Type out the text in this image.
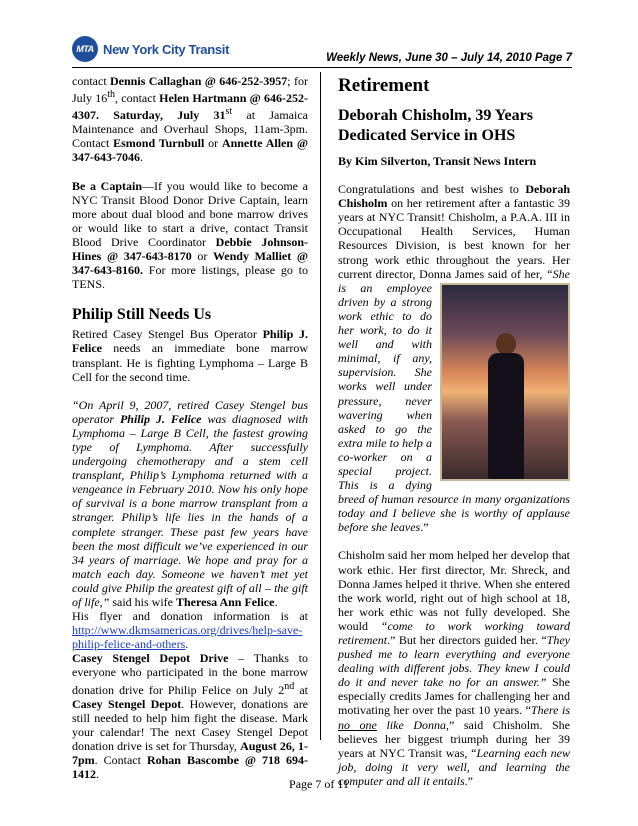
MTA New York City Transit
Weekly News, June 30 – July 14, 2010 Page 7

contact Dennis Callaghan @ 646-252-3957; for July 16th, contact Helen Hartmann @ 646-252-4307. Saturday, July 31st at Jamaica Maintenance and Overhaul Shops, 11am-3pm. Contact Esmond Turnbull or Annette Allen @ 347-643-7046.

Be a Captain—If you would like to become a NYC Transit Blood Donor Drive Captain, learn more about dual blood and bone marrow drives or would like to start a drive, contact Transit Blood Drive Coordinator Debbie Johnson-Hines @ 347-643-8170 or Wendy Malliet @ 347-643-8160. For more listings, please go to TENS.

Philip Still Needs Us

Retired Casey Stengel Bus Operator Philip J. Felice needs an immediate bone marrow transplant. He is fighting Lymphoma – Large B Cell for the second time.

“On April 9, 2007, retired Casey Stengel bus operator Philip J. Felice was diagnosed with Lymphoma – Large B Cell, the fastest growing type of Lymphoma. After successfully undergoing chemotherapy and a stem cell transplant, Philip’s Lymphoma returned with a vengeance in February 2010. Now his only hope of survival is a bone marrow transplant from a stranger. Philip’s life lies in the hands of a complete stranger. These past few years have been the most difficult we’ve experienced in our 34 years of marriage. We hope and pray for a match each day. Someone we haven’t met yet could give Philip the greatest gift of all – the gift of life,” said his wife Theresa Ann Felice.

His flyer and donation information is at http://www.dkmsamericas.org/drives/help-save-philip-felice-and-others.

Casey Stengel Depot Drive – Thanks to everyone who participated in the bone marrow donation drive for Philip Felice on July 2nd at Casey Stengel Depot. However, donations are still needed to help him fight the disease. Mark your calendar! The next Casey Stengel Depot donation drive is set for Thursday, August 26, 1-7pm. Contact Rohan Bascombe @ 718 694-1412.

Retirement
Deborah Chisholm, 39 Years Dedicated Service in OHS

By Kim Silverton, Transit News Intern

Congratulations and best wishes to Deborah Chisholm on her retirement after a fantastic 39 years at NYC Transit! Chisholm, a P.A.A. III in Occupational Health Services, Human Resources Division, is best known for her strong work ethic throughout the years. Her current director, Donna James said of her,
“She is an employee driven by a strong work ethic to do her work, to do it well and with minimal, if any, supervision. She works well under pressure, never wavering when asked to go the extra mile to help a co-worker on a special project. This is a dying breed of human resource in many organizations today and I believe she is worthy of applause before she leaves.”

Chisholm said her mom helped her develop that work ethic. Her first director, Mr. Shreck, and Donna James helped it thrive. When she entered the work world, right out of high school at 18, her work ethic was not fully developed. She would “come to work working toward retirement.” But her directors guided her. “They pushed me to learn everything and everyone dealing with different jobs. They knew I could do it and never take no for an answer.” She especially credits James for challenging her and motivating her over the past 10 years. “There is no one like Donna,” said Chisholm. She believes her biggest triumph during her 39 years at NYC Transit was, “Learning each new job, doing it very well, and learning the computer and all it entails.”

Page 7 of 11
